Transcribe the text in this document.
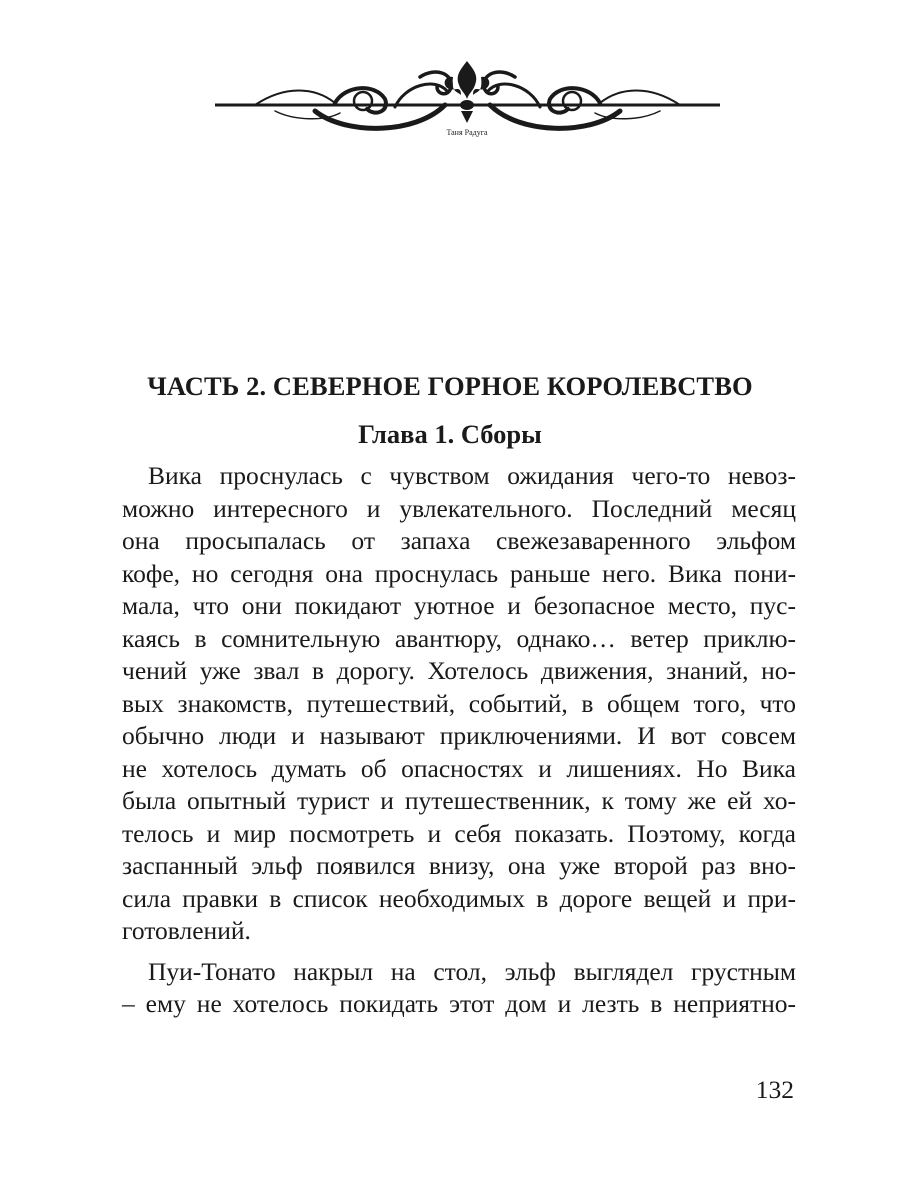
Таня Радуга
ЧАСТЬ 2. СЕВЕРНОЕ ГОРНОЕ КОРОЛЕВСТВО
Глава 1. Сборы

Вика проснулась с чувством ожидания чего-то невоз-
можно интересного и увлекательного. Последний месяц
она просыпалась от запаха свежезаваренного эльфом
кофе, но сегодня она проснулась раньше него. Вика пони-
мала, что они покидают уютное и безопасное место, пус-
каясь в сомнительную авантюру, однако… ветер приклю-
чений уже звал в дорогу. Хотелось движения, знаний, но-
вых знакомств, путешествий, событий, в общем того, что
обычно люди и называют приключениями. И вот совсем
не хотелось думать об опасностях и лишениях. Но Вика
была опытный турист и путешественник, к тому же ей хо-
телось и мир посмотреть и себя показать. Поэтому, когда
заспанный эльф появился внизу, она уже второй раз вно-
сила правки в список необходимых в дороге вещей и при-
готовлений.

Пуи-Тонато накрыл на стол, эльф выглядел грустным
– ему не хотелось покидать этот дом и лезть в неприятно-

132
